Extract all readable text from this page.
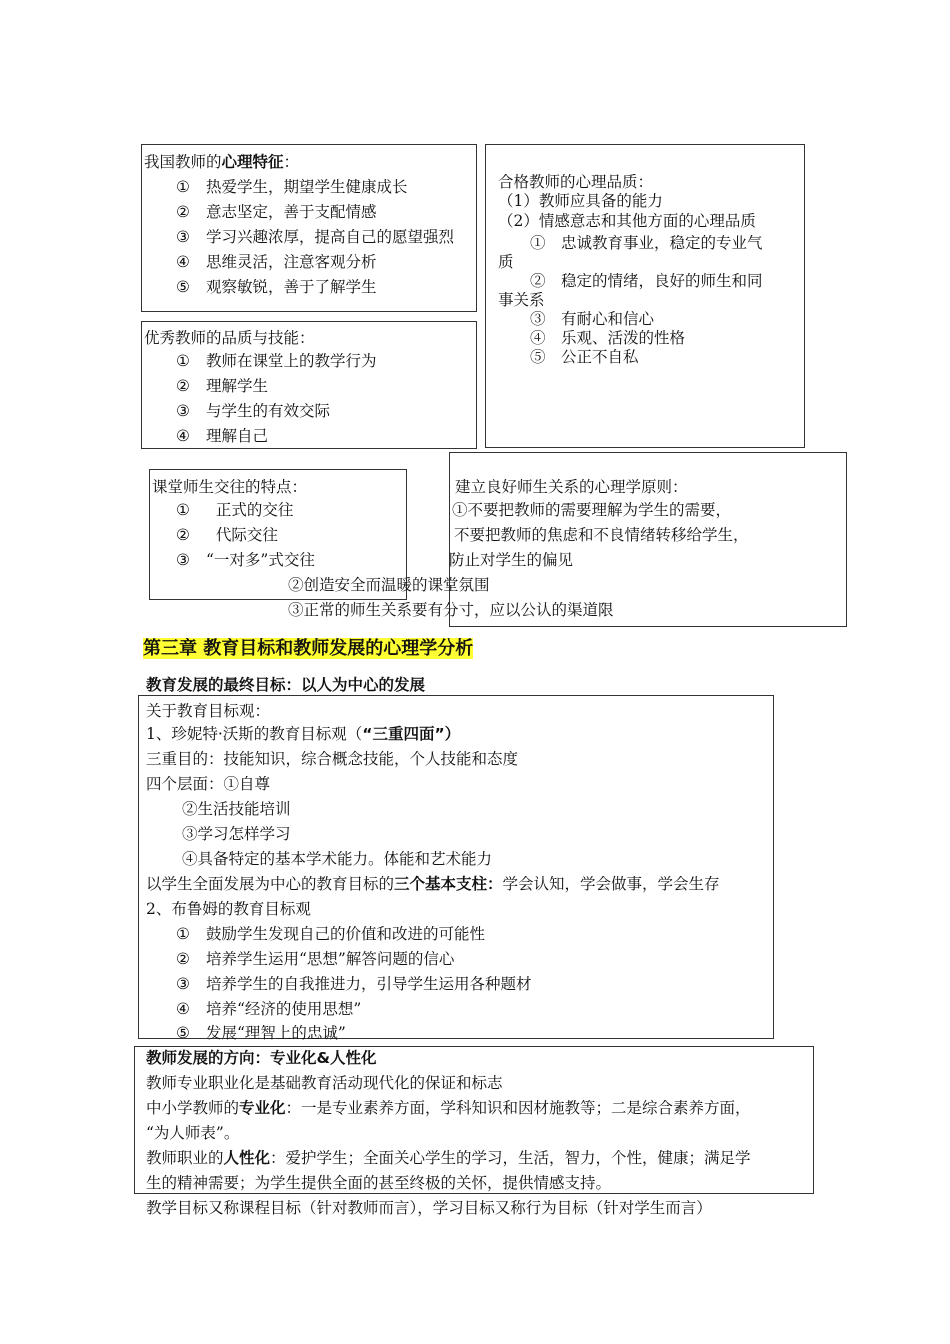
我国教师的心理特征：
① 热爱学生，期望学生健康成长
② 意志坚定，善于支配情感
③ 学习兴趣浓厚，提高自己的愿望强烈
④ 思维灵活，注意客观分析
⑤ 观察敏锐，善于了解学生
合格教师的心理品质：
（1）教师应具备的能力
（2）情感意志和其他方面的心理品质
①　忠诚教育事业，稳定的专业气
质
②　稳定的情绪，良好的师生和同
事关系
③　有耐心和信心
④　乐观、活泼的性格
⑤　公正不自私
优秀教师的品质与技能：
① 教师在课堂上的教学行为
② 理解学生
③ 与学生的有效交际
④ 理解自己
课堂师生交往的特点：
①  正式的交往
②  代际交往
③ “一对多”式交往
建立良好师生关系的心理学原则：
①不要把教师的需要理解为学生的需要，
不要把教师的焦虑和不良情绪转移给学生，
防止对学生的偏见
②创造安全而温暖的课堂氛围
③正常的师生关系要有分寸，应以公认的渠道限
第三章 教育目标和教师发展的心理学分析
教育发展的最终目标：以人为中心的发展
关于教育目标观：
1、珍妮特·沃斯的教育目标观（“三重四面”）
三重目的：技能知识，综合概念技能，个人技能和态度
四个层面：①自尊
②生活技能培训
③学习怎样学习
④具备特定的基本学术能力。体能和艺术能力
以学生全面发展为中心的教育目标的三个基本支柱：学会认知，学会做事，学会生存
2、布鲁姆的教育目标观
① 鼓励学生发现自己的价值和改进的可能性
② 培养学生运用“思想”解答问题的信心
③ 培养学生的自我推进力，引导学生运用各种题材
④ 培养“经济的使用思想”
⑤ 发展“理智上的忠诚”
教师发展的方向：专业化&人性化
教师专业职业化是基础教育活动现代化的保证和标志
中小学教师的专业化：一是专业素养方面，学科知识和因材施教等；二是综合素养方面，
“为人师表”。
教师职业的人性化：爱护学生；全面关心学生的学习，生活，智力，个性，健康；满足学
生的精神需要；为学生提供全面的甚至终极的关怀，提供情感支持。
教学目标又称课程目标（针对教师而言），学习目标又称行为目标（针对学生而言）
